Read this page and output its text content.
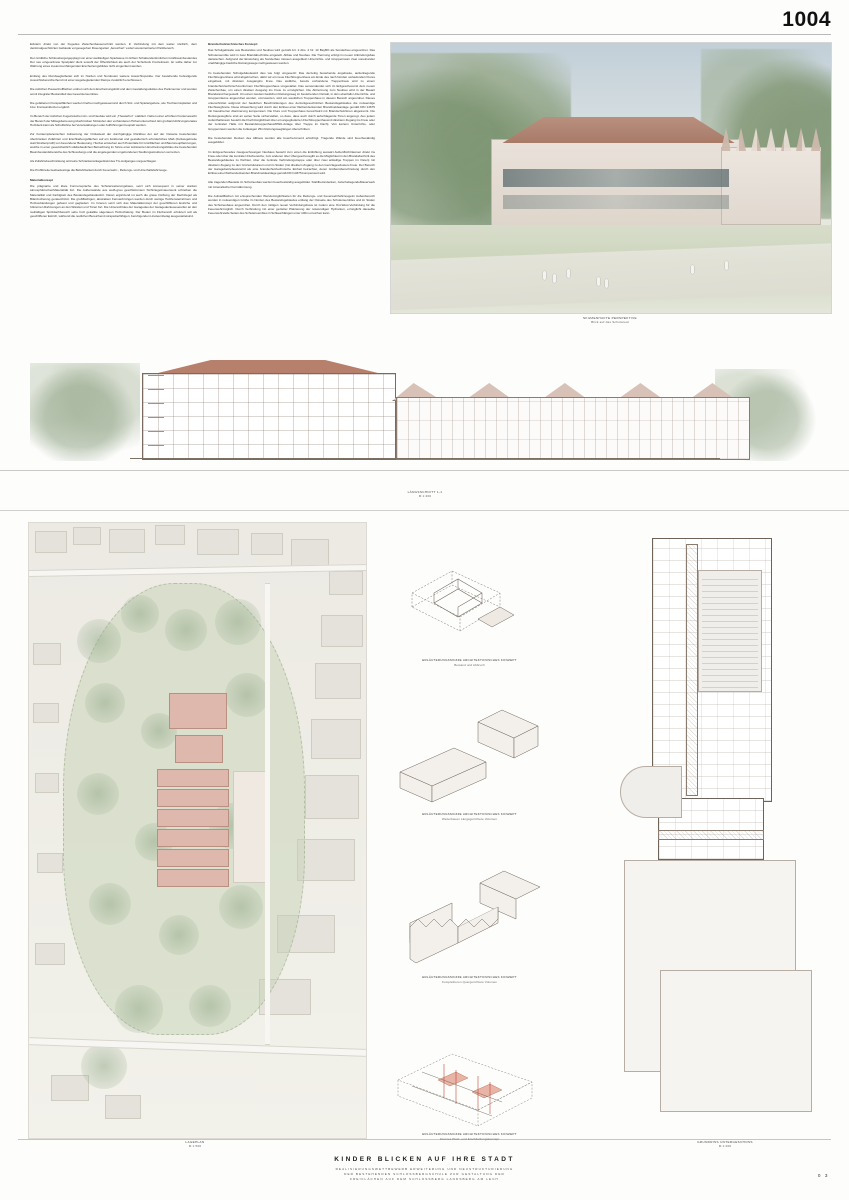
1004

Eckiarm direkt von der Fugedes Zwischenbauserschnitt werden. In Verbindung mit dem weiter nördlich, dem denkmalgeschützten Gebäude vorgesegehen Rosengarten „bereichert“ exdert westorientierten Parkbereich.

Der nördliche Schlossbergetgepplagt von einer weitläufigen Spielwiese im lichten Schattendenkmlichen Großbaumbestandes Der neu eingeordnete Spielplatz dient sowohl der Öffentlichkeit als auch der Schulzeck Freizeitraum. Er sollte daher zur Wahrung eines zusammenhängenden Erscheinungsbildes nicht eingezäunt werden.

Entlang des Rundweglarbeitet sich im Norden und Nordosten weitere Aussichtspunkte. Der bestehende befestigende Aussichtsbereicherhend mit einer wegebegleitenden Rampe zusätzlich erschlossen.

Die östlichen Pausenhofflächen ordnen sich dem Erscheinungsbild und dem Gestaltungsduktus des Parkcounter und werden somit integraler Bestandteil des Gesamtensembles.

Die gefaltenen Freispielflächen werden hierbei nachgewiesenund durch Sitz- und Spielangebote, wie Tischtennisplatten und bzw. Freiraumklotzen ergänzt.

Im Bereich der östlichen Fugezwischen An- und Neubau wird ein „Theaterhof “ etabliert. Neben einer erhöhten Freitersewefür der Bereich der Mittagsbetreuung überbrücken Sitzstufen den vorhandenen Höhenunterschied. Ein großanzuführungstonales Holzdeck kann als Schulbühne bei Veranstaltungen oder Aufführungen bespielt werden.

Zur freiraumplanerischen Aufwertung der Ordseitesit der durchgängige Rückbau der auf der Ostseite bestehenden überbrücken Zufahrten und Erschließungsflächen auf ein funktional und gestalterisch erforderliches Maß (Fußwegebreite statt Straßenprofil) von besonderer Bedeutung. Hierbei entstehen auch Potentiale für Grünflächen und Baumneupflanzungen, welche in einer gesamtheitlich städtebaulichen Betrachtung im Sinne einer kohärenten Erscheinungsbildes die bestehenden Baumbestandsbereiche des Schlossbergs und die angelegenden ungebundenen Siedlungsstrukturen vernetzen.

Als Zufahrtsbeschränkung wird eine Schrankenanlagedirekt des TG-Aufganges vorgeschlagen.

Die Profitbreite beidseitestüge die Befahrbarkeit durch Feuerwehr-, Rettungs- und Unterhaltsfahrzeuge.

Materialkonzept

Die prägnante und klare Formensprache des Schulerweiterungsbaus, setzt sich konsequent in seiner starken atmosphärischenMaterialität fort. Die Außenwände aus weiß-grau geschlämmtem Sichtziegelmauerwerk schreiben die Materialität und Farbigkeit des Bestandsgebäudesfort. Daran ergänzend ist auch die graue Färbung der Dachziegel als Bilanzschwung gerateichtmit. Die großflächigen, abstrakten Fensterbrüngen werden durch wertige Holzfensterrahmen und Holzverkleidungen gefasst und gegliedert. Im Inneren setzt sich das Materialkonzept der geschliffenen Estriche und hölzernen Rahmungen an den Wänden und Türen fort. Die Untersichtdes der Garagedes der Garagedeckesesereifen an den rauhältigen Spitzdachbereich sehe holz gekalkte sägerauen Holzschalung. Der Boden im Flurbereich erfolutert soll als geschliffener Estrich, während die restlichen Bereichemit strapazierfähigen, beruhigenden Linoleumbelag ausgestattetsind.

Brandschutztechnisches Konzept:

Das Schulgebäude aus Bestandes und Neubau wird gemäß Art. 2 Abs. 4 Nr. 13 BayBO als Sonderbau eingeordnet. Das Schulensemble wird in zwei Brandabschnitte eingeteilt. Altbau und Neubau. Die Trennung erfolgt im neuen Anbindungsbau dazwischen. Aufgrund der Einstufung als Sonderbau müssen ausgeblein Unterrichts- und Gruppenraum zwei voneinander unabhängige bauliche Rettungswege nachgewiesen werden.

Im bestehenden Schulgebäudewird dies wie folgt umgesetzt: Das derzeitig bestehende angebaute, außenliegende Fluchttreppenhaus wird abgebrochen, dafür wir ein neue Fluchttreppenhaus am Ende des nach Norden verlaufenden Flures eingebaut, mit direktem Ausgangins Freie. Das südliche, bereits vorhandene Treppenhaus wird zu einem brandschutztechnisch-konformen Fluchttreppenhaus umgestaltet. Das serwendendet sich im Erdgeschossmit dem neuen Zwischenbau, um einen direkten Ausgang ins Freie zu ermöglichen. Die Abtrennung zum Neubau wird in der Bauart Brandwand hergestellt. Um einen zweiten baulichen Rettungsweg im bestehenden Ostrakt, in dem ebenfalls Unterrichts- und Gruppenräume angeordnet werden, umzusetzen, wird am westlichen Treppenhaus in diesem Bereich angeordnet. Dieses unterschnittet aufgrund der baulichen Beschränkungen des derzeitigesschützten Bestandsgebäudes die notwendige Fluchtwegbreite. Diese Abweichung wird durch den Einbau einer flächendeckenden Brandmeldeanlage gemäß DIN 14675 mit hausinterner Alarmierung kompensiert. Die Flure und Treppenhaus bereichwird mit Brandschutztüren abgetrennt. Die Rettungswegflure sind an seiner Seite sicherstellen, so dass, dass auch durch aufschlagende Türen angeregt. Aus jedem Aufenthaltsraum besteht die Fluchtmöglichkeit über ein angeglioderten Fluchttreppenhausmit direktem Zugang ins Freie oder der zentralen Halle mit Bestandstreppenhaus/RWA-Anlage über Treppe im Dach). Von keinem Unterrichts- oder Gruppenraum werden die zulässigen 25m Rettungsweglängen überschritten.

Die bestehenden Decken des Altbaus werden alle feuerhemmend ertüchtigt. Tragende Wände sind feuerbeständig ausgebildet.

Im Erdgeschossdes zweigeschossigen Neubaus besteht zum einen die Entlüftung auswärt Außenflüchträumen direkt ins Freie oder über die zentralen Flurbereiche, zum anderen über Übergeschossgibt so die Möglichkeit in den Brandabschnitt des Bestandsgebäudes zu flüchten, über die zentrale Verbindungstreppe oder über zwei anläufige Treppen im Osten) mit direktem Zugang zu den Grünstrukturaum und im Süden (mit direktem Zugang zu den Genzlagesclusters Freie. Der Bereich der Garagebetriebewerwird als eine brandschutztechnische Einheit betrachtet, deren Größenüberschreitung durch den Einbau einer flächendeckenden Brandmeldeanlage gemäß DIN 14675 kompensiert wird.

Alle tragenden Bauteile im Schulneubau werden feuerbeständig ausgebildet. Stahlbetondecken, zwischeliegendeMauerwerk mit mineralischer Kerndämmung.

Die Aufstellflächen mit entsprechenden Wendemöglichkeiten für die Rettungs- und Feuerwehrfahrzeugeim Außenbereich werden in notwendigen Größe im Norden des Bestandsgebäudes entlang der Ostseite des Schulensembles und im Süden des Schulneubaus angeordnet. Durch den mittigen neuen Verbindungsbaus ist zudem eine Ost-West-Verbindung für die Feuerwehrmöglich. Durch Verbindung mit einer gezielter Platzierung der notwendigen Hydranten, ermöglicht dasselbe Feuerwehrstelle Seiten des Schulensembles in Schlauchlängen unter 100m erreichen kann.

SKIZZENHAFTE PERSPEKTIVE
Blick auf das Schulareal
LÄNGSSCHNITT 1-1
M 1:200
LAGEPLAN
M 1:500
ERLÄUTERUNGSSKIZZE ARCHITEKTONISCHES KONZEPT
Bestand und Abbruch
ERLÄUTERUNGSSKIZZE ARCHITEKTONISCHES KONZEPT
Weiterbauen Längsgerichtete Volumen
ERLÄUTERUNGSSKIZZE ARCHITEKTONISCHES KONZEPT
Komplettieren Quergerichtete Volumen
ERLÄUTERUNGSSKIZZE ARCHITEKTONISCHES KONZEPT
Internes Platz- und Erschließungskonzept
GRUNDRISS UNTERGESCHOSS
M 1:200
KINDER BLICKEN AUF IHRE STADT
REALISIERUNGSWETTBEWERB ERWEITERUNG UND NEUSTRUKTURIERUNG
DER BESTEHENDEN SCHLOSSBERGSCHULE ZUR GESTALTUNG DER
FREIFLÄCHEN AUF DEM SCHLOSSBERG LANDSBERG AM LECH
0 3
